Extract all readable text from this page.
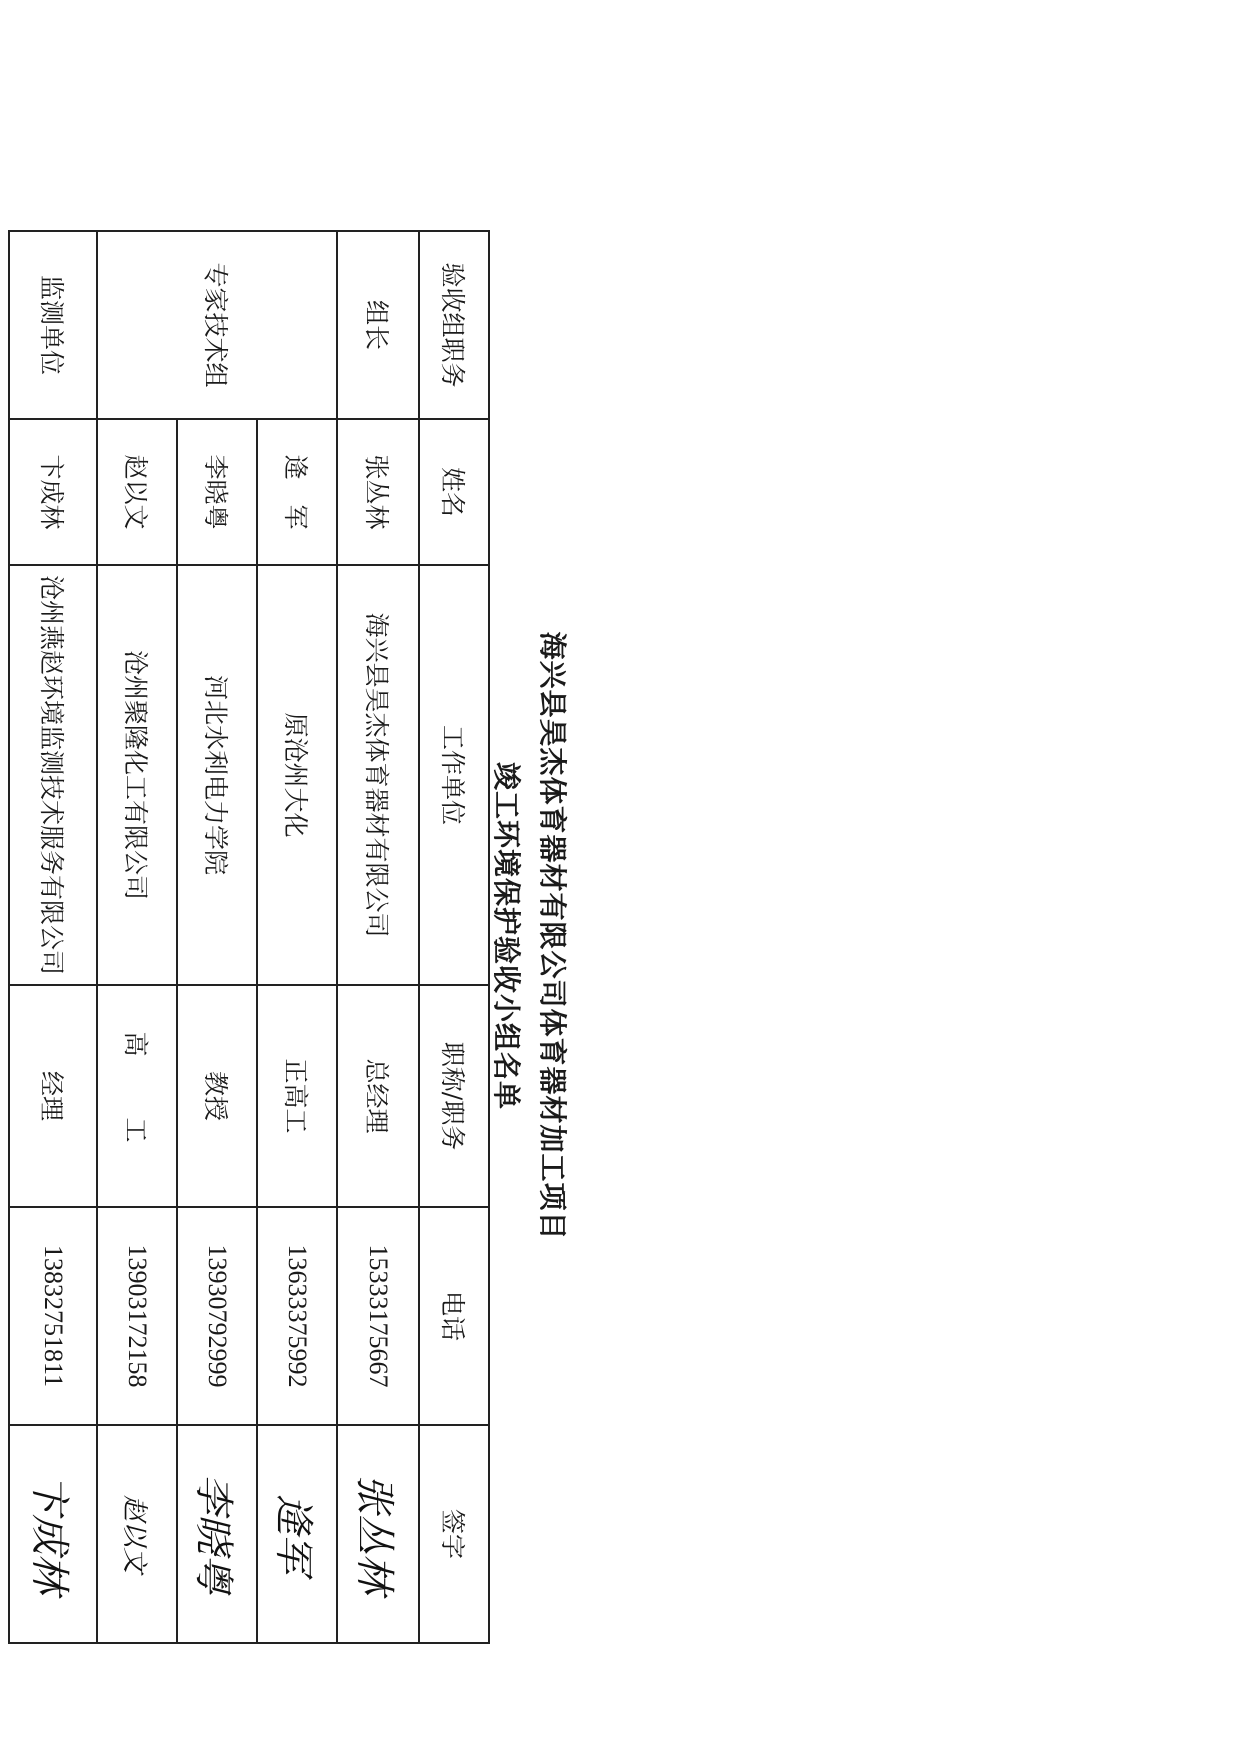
海兴县昊杰体育器材有限公司体育器材加工项目
竣工环境保护验收小组名单
验收组职务	姓名	工作单位	职称/职务	电话	签字
组长	张丛林	海兴县昊杰体育器材有限公司	总经理	15333175667	张丛林
专家技术组	逄　军	原沧州大化	正高工	13633375992	逄军
	李晓粤	河北水利电力学院	教授	13930792999	李晓粤
	赵以文	沧州聚隆化工有限公司	高　工	13903172158	赵以文
监测单位	卞成林	沧州燕赵环境监测技术服务有限公司	经理	13832751811	卞成林
